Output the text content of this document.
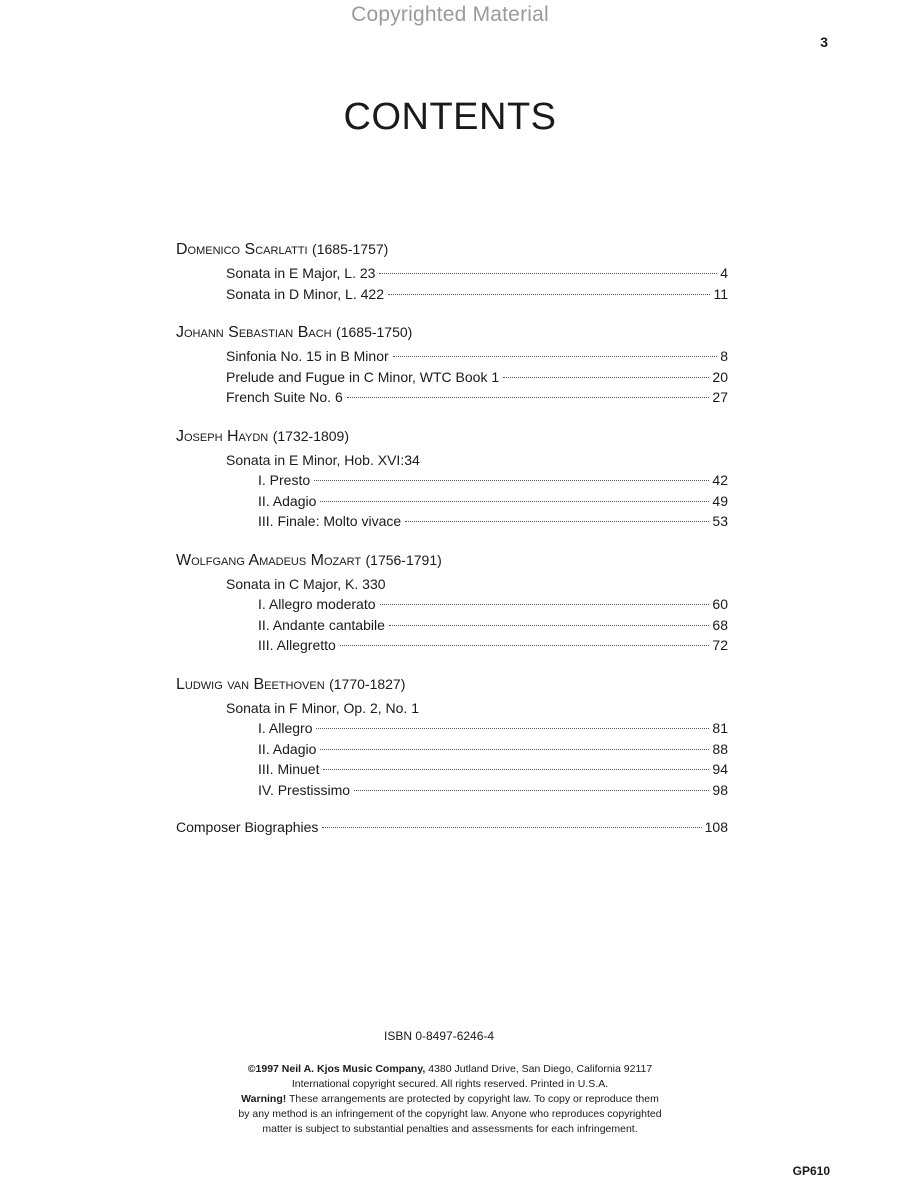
Copyrighted Material
3
CONTENTS
Domenico Scarlatti (1685-1757)
Sonata in E Major, L. 23	4
Sonata in D Minor, L. 422	11
Johann Sebastian Bach (1685-1750)
Sinfonia No. 15 in B Minor	8
Prelude and Fugue in C Minor, WTC Book 1	20
French Suite No. 6	27
Joseph Haydn (1732-1809)
Sonata in E Minor, Hob. XVI:34
I. Presto	42
II. Adagio	49
III. Finale: Molto vivace	53
Wolfgang Amadeus Mozart (1756-1791)
Sonata in C Major, K. 330
I. Allegro moderato	60
II. Andante cantabile	68
III. Allegretto	72
Ludwig van Beethoven (1770-1827)
Sonata in F Minor, Op. 2, No. 1
I. Allegro	81
II. Adagio	88
III. Minuet	94
IV. Prestissimo	98
Composer Biographies	108
ISBN 0-8497-6246-4
©1997 Neil A. Kjos Music Company, 4380 Jutland Drive, San Diego, California 92117
International copyright secured. All rights reserved. Printed in U.S.A.
Warning! These arrangements are protected by copyright law. To copy or reproduce them
by any method is an infringement of the copyright law. Anyone who reproduces copyrighted
matter is subject to substantial penalties and assessments for each infringement.
GP610
